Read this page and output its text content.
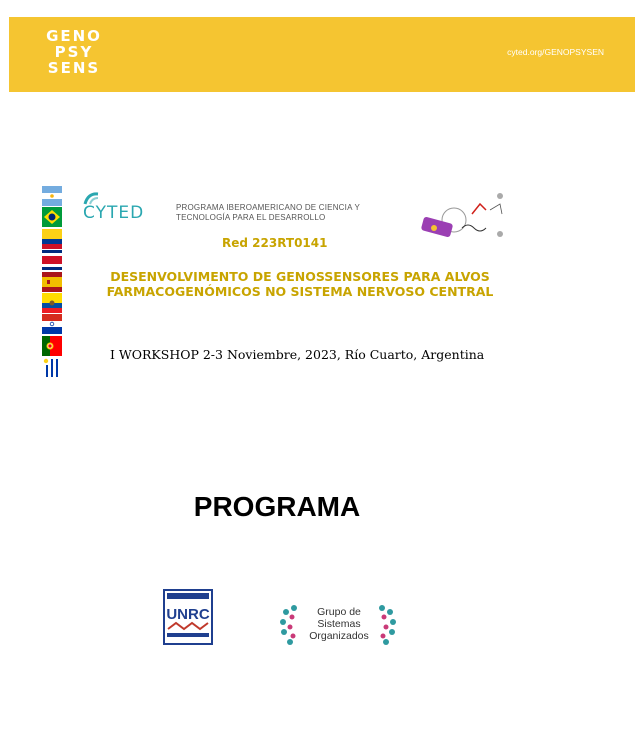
GENO
PSY
SENS
cyted.org/GENOPSYSEN
CYTED	PROGRAMA IBEROAMERICANO DE CIENCIA Y TECNOLOGÍA PARA EL DESARROLLO
Red 223RT0141
DESENVOLVIMENTO DE GENOSSENSORES PARA ALVOS FARMACOGENÓMICOS NO SISTEMA NERVOSO CENTRAL
I WORKSHOP 2-3 Noviembre, 2023, Río Cuarto, Argentina
PROGRAMA
UNRC	Grupo de Sistemas Organizados
